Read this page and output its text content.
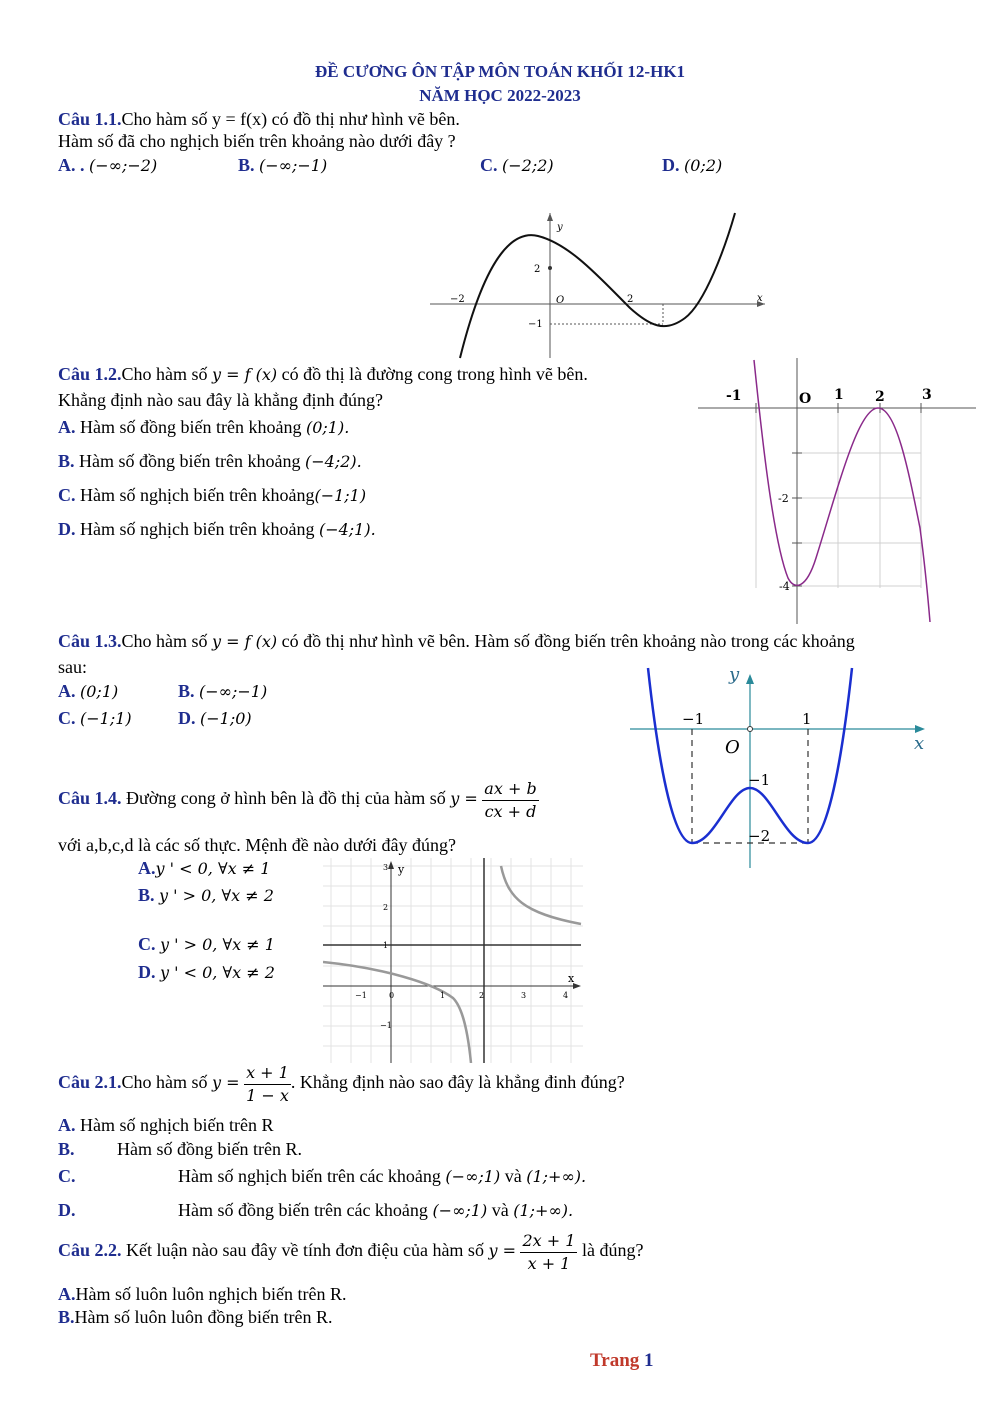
ĐỀ CƯƠNG ÔN TẬP MÔN TOÁN KHỐI 12-HK1
NĂM HỌC 2022-2023
Câu 1.1.Cho hàm số y = f(x) có đồ thị như hình vẽ bên.
Hàm số đã cho nghịch biến trên khoảng nào dưới đây ?
A. . (−∞;−2)	B. (−∞;−1)	C. (−2;2)	D. (0;2)
y
x
O
−2	2
2
−1
Câu 1.2.Cho hàm số y = f (x) có đồ thị là đường cong trong hình vẽ bên.
Khẳng định nào sau đây là khẳng định đúng?
A. Hàm số đồng biến trên khoảng (0;1).
B. Hàm số đồng biến trên khoảng (−4;2).
C. Hàm số nghịch biến trên khoảng(−1;1)
D. Hàm số nghịch biến trên khoảng (−4;1).
-1	O 1 2	3
-2
-4
Câu 1.3.Cho hàm số y = f (x) có đồ thị như hình vẽ bên. Hàm số đồng biến trên khoảng nào trong các khoảng
sau:
A. (0;1)	B. (−∞;−1)
C. (−1;1)	D. (−1;0)
y
x
O
−1	1
−1
−2
Câu 1.4. Đường cong ở hình bên là đồ thị của hàm số $y = \frac{ax + b}{cx + d}$
với a,b,c,d là các số thực. Mệnh đề nào dưới đây đúng?
A.y ' < 0, ∀x ≠ 1
B. y ' > 0, ∀x ≠ 2
C. y ' > 0, ∀x ≠ 1
D. y ' < 0, ∀x ≠ 2
y
x
3
2
1
−1
−1	0	1	2	3	4
Câu 2.1.Cho hàm số $y = \frac{x + 1}{1 - x}$ . Khẳng định nào sao đây là khẳng đinh đúng?
A. Hàm số nghịch biến trên R
B. Hàm số đồng biến trên R.
C.	Hàm số nghịch biến trên các khoảng (−∞;1) và (1;+∞).
D.	Hàm số đồng biến trên các khoảng (−∞;1) và (1;+∞).
Câu 2.2. Kết luận nào sau đây về tính đơn điệu của hàm số $y = \frac{2x + 1}{x + 1}$ là đúng?
A.Hàm số luôn luôn nghịch biến trên R.
B.Hàm số luôn luôn đồng biến trên R.
Trang 1
